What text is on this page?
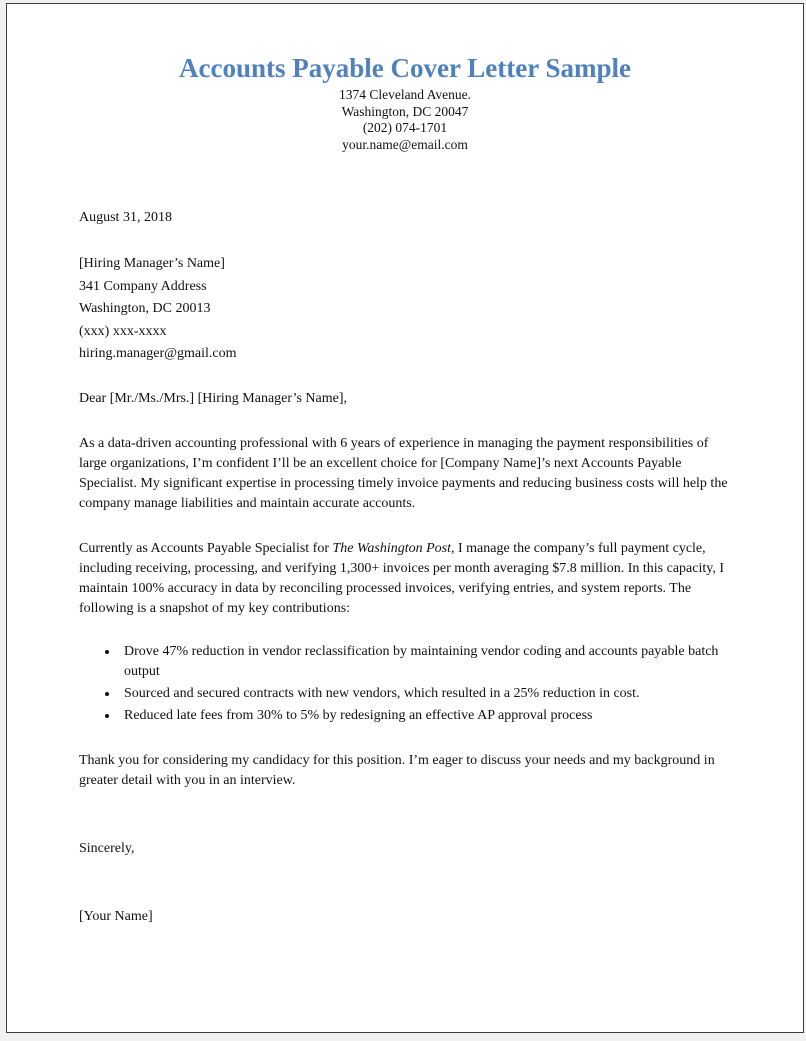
Accounts Payable Cover Letter Sample
1374 Cleveland Avenue.
Washington, DC 20047
(202) 074-1701
your.name@email.com
August 31, 2018
[Hiring Manager’s Name]
341 Company Address
Washington, DC 20013
(xxx) xxx-xxxx
hiring.manager@gmail.com

Dear [Mr./Ms./Mrs.] [Hiring Manager’s Name],

As a data-driven accounting professional with 6 years of experience in managing the payment responsibilities of large organizations, I’m confident I’ll be an excellent choice for [Company Name]’s next Accounts Payable Specialist. My significant expertise in processing timely invoice payments and reducing business costs will help the company manage liabilities and maintain accurate accounts.

Currently as Accounts Payable Specialist for The Washington Post, I manage the company’s full payment cycle, including receiving, processing, and verifying 1,300+ invoices per month averaging $7.8 million. In this capacity, I maintain 100% accuracy in data by reconciling processed invoices, verifying entries, and system reports. The following is a snapshot of my key contributions:

• Drove 47% reduction in vendor reclassification by maintaining vendor coding and accounts payable batch output
• Sourced and secured contracts with new vendors, which resulted in a 25% reduction in cost.
• Reduced late fees from 30% to 5% by redesigning an effective AP approval process

Thank you for considering my candidacy for this position. I’m eager to discuss your needs and my background in greater detail with you in an interview.

Sincerely,

[Your Name]
